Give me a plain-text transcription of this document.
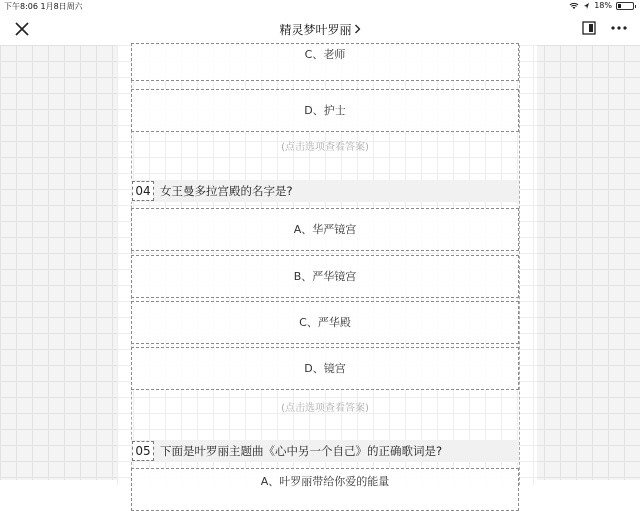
下午8:06 1月8日周六	18%
精灵梦叶罗丽
C、老师
D、护士
(点击选项查看答案)
04 女王曼多拉宫殿的名字是?
A、华严镜宫
B、严华镜宫
C、严华殿
D、镜宫
(点击选项查看答案)
05 下面是叶罗丽主题曲《心中另一个自己》的正确歌词是?
A、叶罗丽带给你爱的能量
